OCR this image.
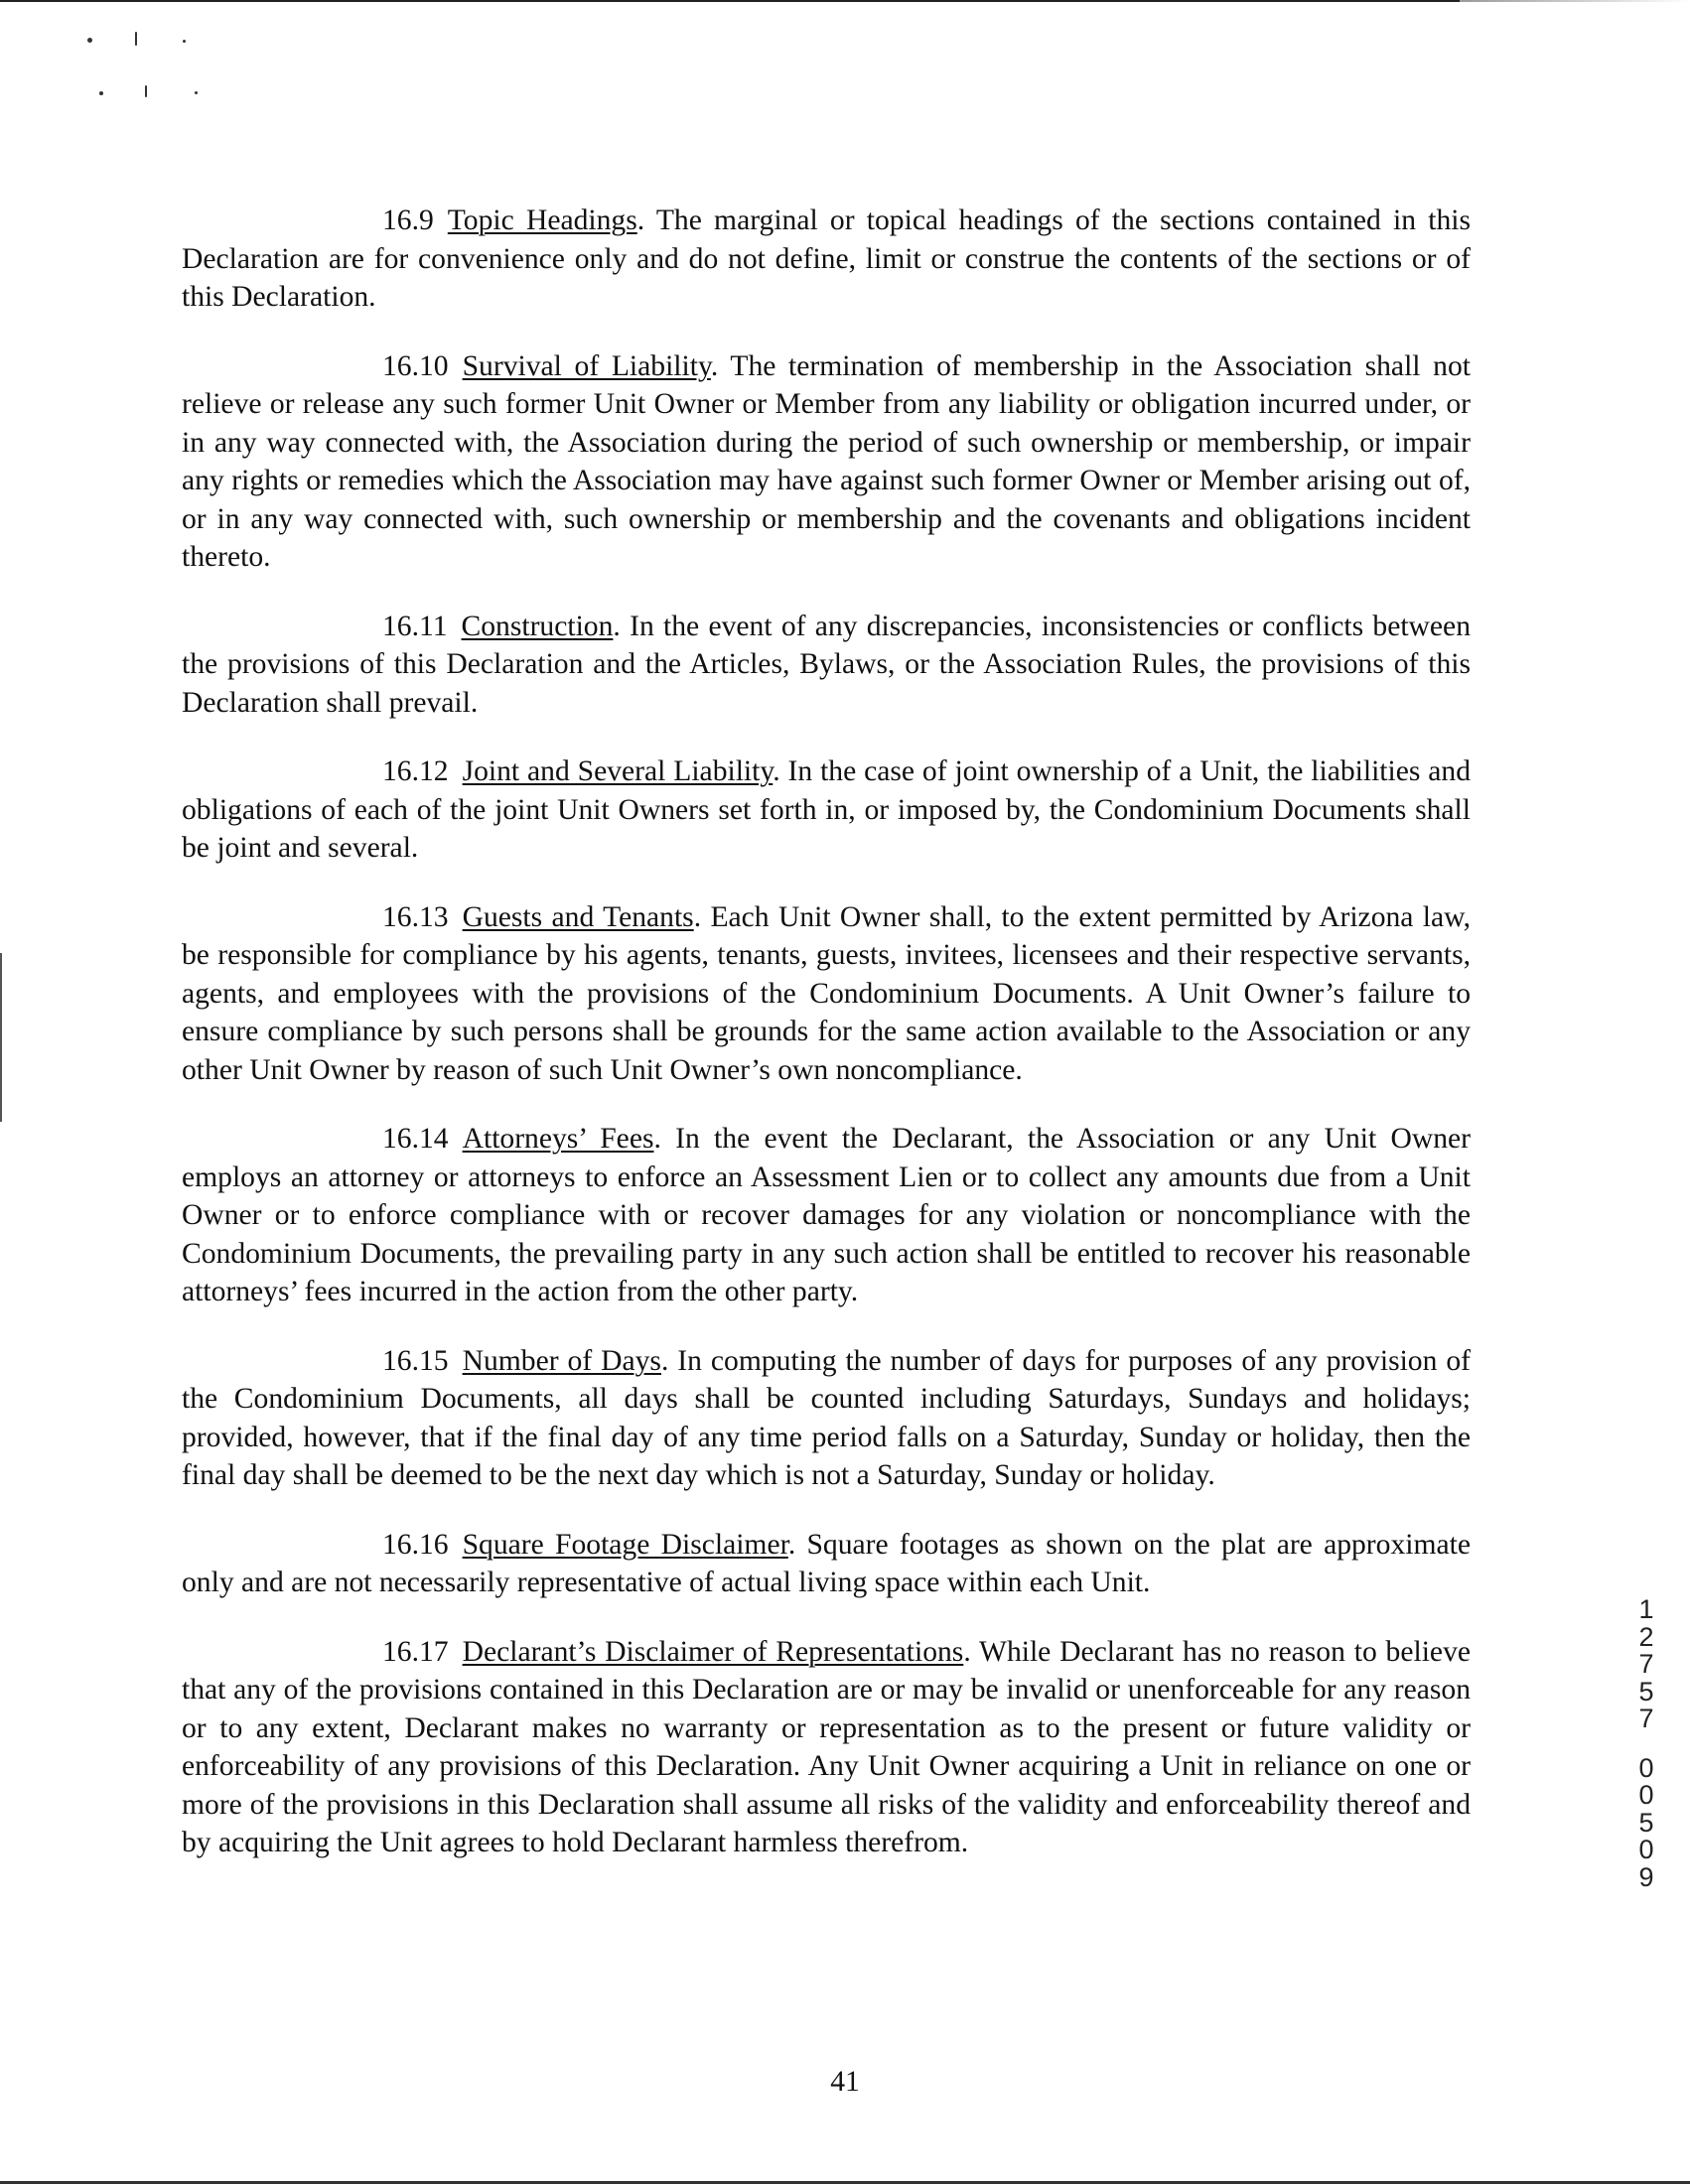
16.9 Topic Headings. The marginal or topical headings of the sections contained in this Declaration are for convenience only and do not define, limit or construe the contents of the sections or of this Declaration.

16.10 Survival of Liability. The termination of membership in the Association shall not relieve or release any such former Unit Owner or Member from any liability or obligation incurred under, or in any way connected with, the Association during the period of such ownership or membership, or impair any rights or remedies which the Association may have against such former Owner or Member arising out of, or in any way connected with, such ownership or membership and the covenants and obligations incident thereto.

16.11 Construction. In the event of any discrepancies, inconsistencies or conflicts between the provisions of this Declaration and the Articles, Bylaws, or the Association Rules, the provisions of this Declaration shall prevail.

16.12 Joint and Several Liability. In the case of joint ownership of a Unit, the liabilities and obligations of each of the joint Unit Owners set forth in, or imposed by, the Condominium Documents shall be joint and several.

16.13 Guests and Tenants. Each Unit Owner shall, to the extent permitted by Arizona law, be responsible for compliance by his agents, tenants, guests, invitees, licensees and their respective servants, agents, and employees with the provisions of the Condominium Documents. A Unit Owner’s failure to ensure compliance by such persons shall be grounds for the same action available to the Association or any other Unit Owner by reason of such Unit Owner’s own noncompliance.

16.14 Attorneys’ Fees. In the event the Declarant, the Association or any Unit Owner employs an attorney or attorneys to enforce an Assessment Lien or to collect any amounts due from a Unit Owner or to enforce compliance with or recover damages for any violation or noncompliance with the Condominium Documents, the prevailing party in any such action shall be entitled to recover his reasonable attorneys’ fees incurred in the action from the other party.

16.15 Number of Days. In computing the number of days for purposes of any provision of the Condominium Documents, all days shall be counted including Saturdays, Sundays and holidays; provided, however, that if the final day of any time period falls on a Saturday, Sunday or holiday, then the final day shall be deemed to be the next day which is not a Saturday, Sunday or holiday.

16.16 Square Footage Disclaimer. Square footages as shown on the plat are approximate only and are not necessarily representative of actual living space within each Unit.

16.17 Declarant’s Disclaimer of Representations. While Declarant has no reason to believe that any of the provisions contained in this Declaration are or may be invalid or unenforceable for any reason or to any extent, Declarant makes no warranty or representation as to the present or future validity or enforceability of any provisions of this Declaration. Any Unit Owner acquiring a Unit in reliance on one or more of the provisions in this Declaration shall assume all risks of the validity and enforceability thereof and by acquiring the Unit agrees to hold Declarant harmless therefrom.

41
1
2
7
5
7
0
0
5
0
9
